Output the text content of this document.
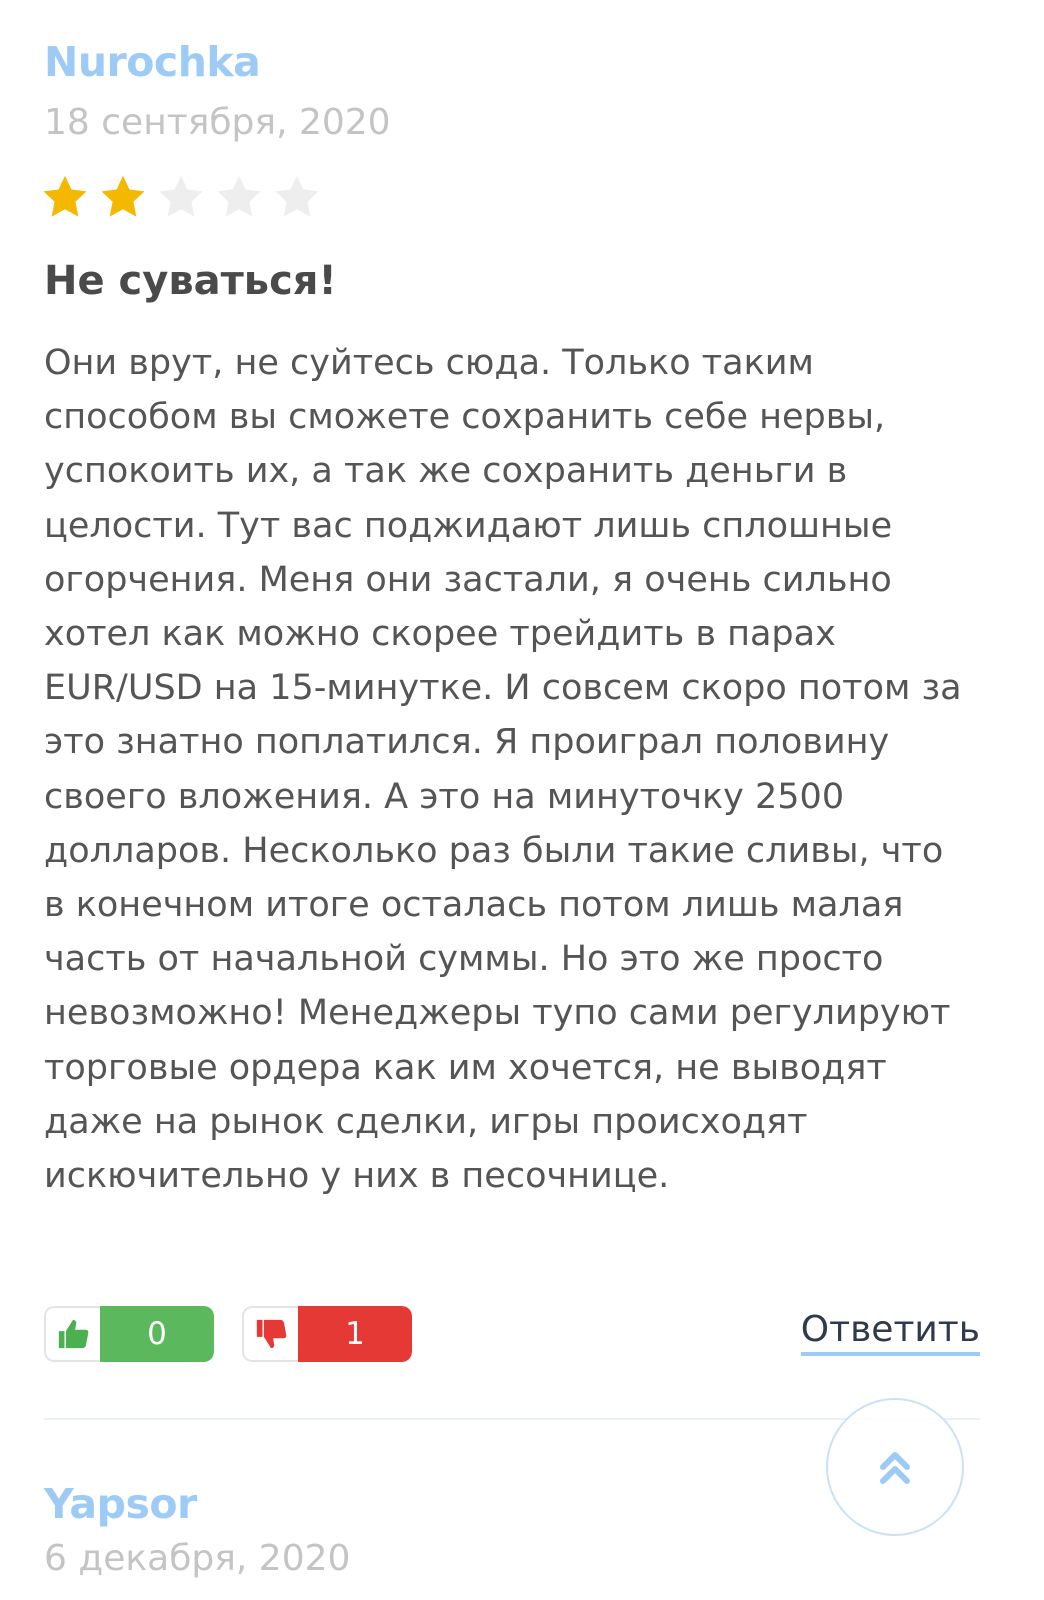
Nurochka
18 сентября, 2020
Не суваться!
Они врут, не суйтесь сюда. Только таким способом вы сможете сохранить себе нервы, успокоить их, а так же сохранить деньги в целости. Тут вас поджидают лишь сплошные огорчения. Меня они застали, я очень сильно хотел как можно скорее трейдить в парах EUR/USD на 15-минутке. И совсем скоро потом за это знатно поплатился. Я проиграл половину своего вложения. А это на минуточку 2500 долларов. Несколько раз были такие сливы, что в конечном итоге осталась потом лишь малая часть от начальной суммы. Но это же просто невозможно! Менеджеры тупо сами регулируют торговые ордера как им хочется, не выводят даже на рынок сделки, игры происходят искючительно у них в песочнице.
0	1	Ответить
Yapsor
6 декабря, 2020
